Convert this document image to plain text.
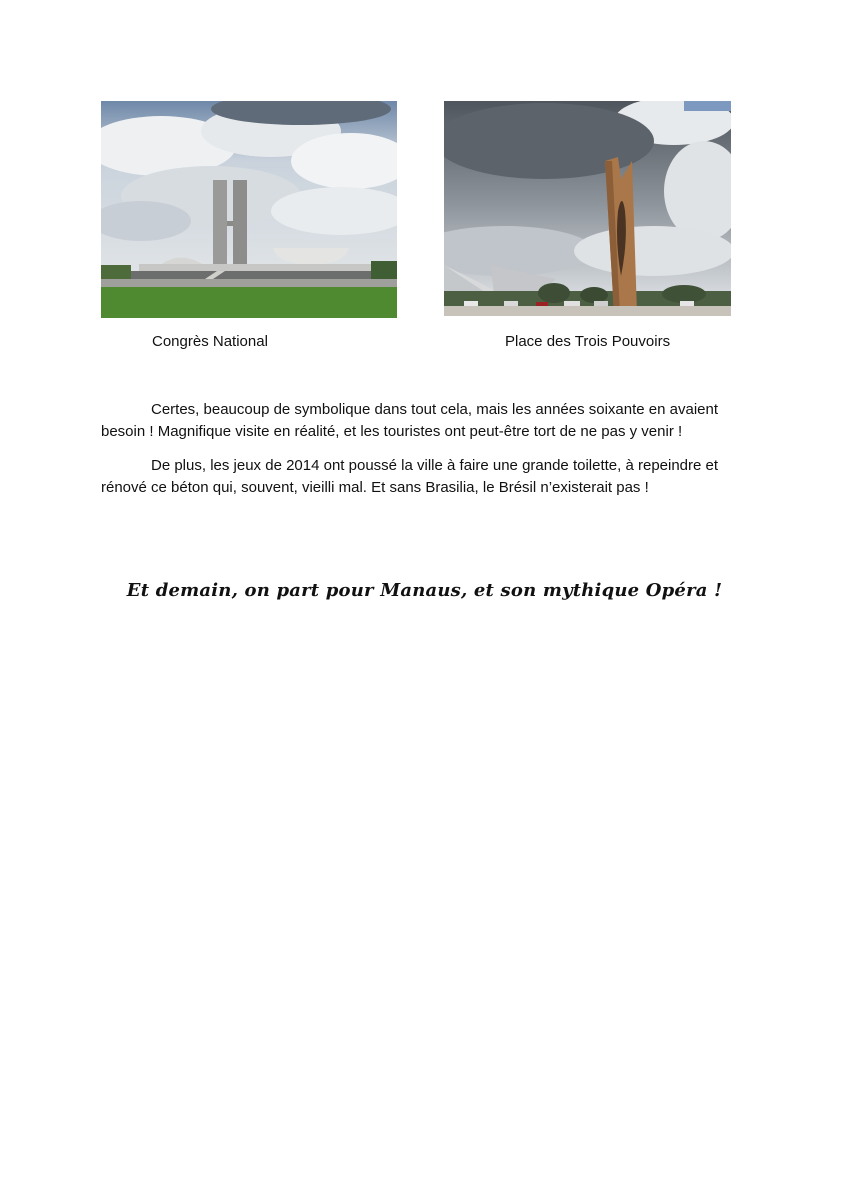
Congrès National	Place des Trois Pouvoirs

Certes, beaucoup de symbolique dans tout cela, mais les années soixante en avaient besoin ! Magnifique visite en réalité, et les touristes ont peut-être tort de ne pas y venir !

De plus, les jeux de 2014 ont poussé la ville à faire une grande toilette, à repeindre et rénové ce béton qui, souvent, vieilli mal. Et sans Brasilia, le Brésil n’existerait pas !

Et demain, on part pour Manaus, et son mythique Opéra !
